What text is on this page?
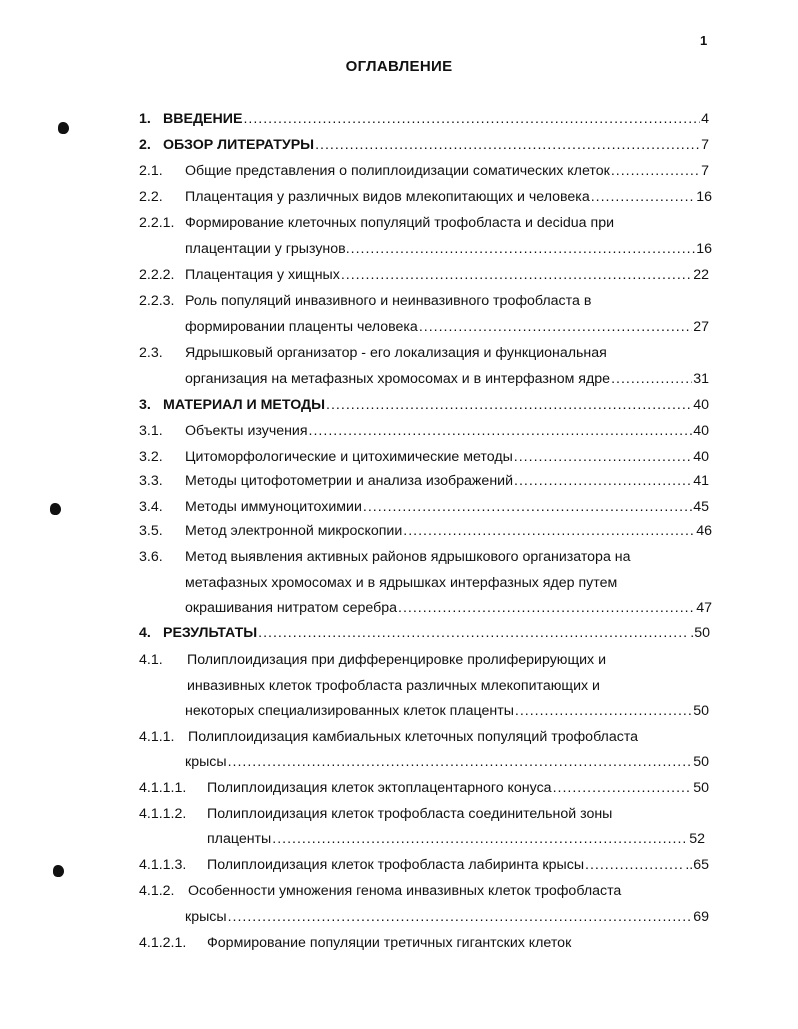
1
ОГЛАВЛЕНИЕ
1. ВВЕДЕНИЕ .....	4
2. ОБЗОР ЛИТЕРАТУРЫ .....	7
2.1. Общие представления о полиплоидизации соматических клеток .....	7
2.2. Плацентация у различных видов млекопитающих и человека .....	16
2.2.1. Формирование клеточных популяций трофобласта и decidua при
плацентации у грызунов. .....	16
2.2.2. Плацентация у хищных .....	22
2.2.3. Роль популяций инвазивного и неинвазивного трофобласта в
формировании плаценты человека .....	27
2.3. Ядрышковый организатор - его локализация и функциональная
организация на метафазных хромосомах и в интерфазном ядре .....	31
3. МАТЕРИАЛ И МЕТОДЫ .....	40
3.1. Объекты изучения .....	40
3.2. Цитоморфологические и цитохимические методы .....	40
3.3. Методы цитофотометрии и анализа изображений .....	41
3.4. Методы иммуноцитохимии .....	45
3.5. Метод электронной микроскопии .....	46
3.6. Метод выявления активных районов ядрышкового организатора на
метафазных хромосомах и в ядрышках интерфазных ядер путем
окрашивания нитратом серебра .....	47
4. РЕЗУЛЬТАТЫ .....	.50
4.1. Полиплоидизация при дифференцировке пролиферирующих и
инвазивных клеток трофобласта различных млекопитающих и
некоторых специализированных клеток плаценты .....	50
4.1.1. Полиплоидизация камбиальных клеточных популяций трофобласта
крысы .....	50
4.1.1.1. Полиплоидизация клеток эктоплацентарного конуса .....	50
4.1.1.2. Полиплоидизация клеток трофобласта соединительной зоны
плаценты .....	52
4.1.1.3. Полиплоидизация клеток трофобласта лабиринта крысы .....	..65
4.1.2. Особенности умножения генома инвазивных клеток трофобласта
крысы .....	69
4.1.2.1. Формирование популяции третичных гигантских клеток
